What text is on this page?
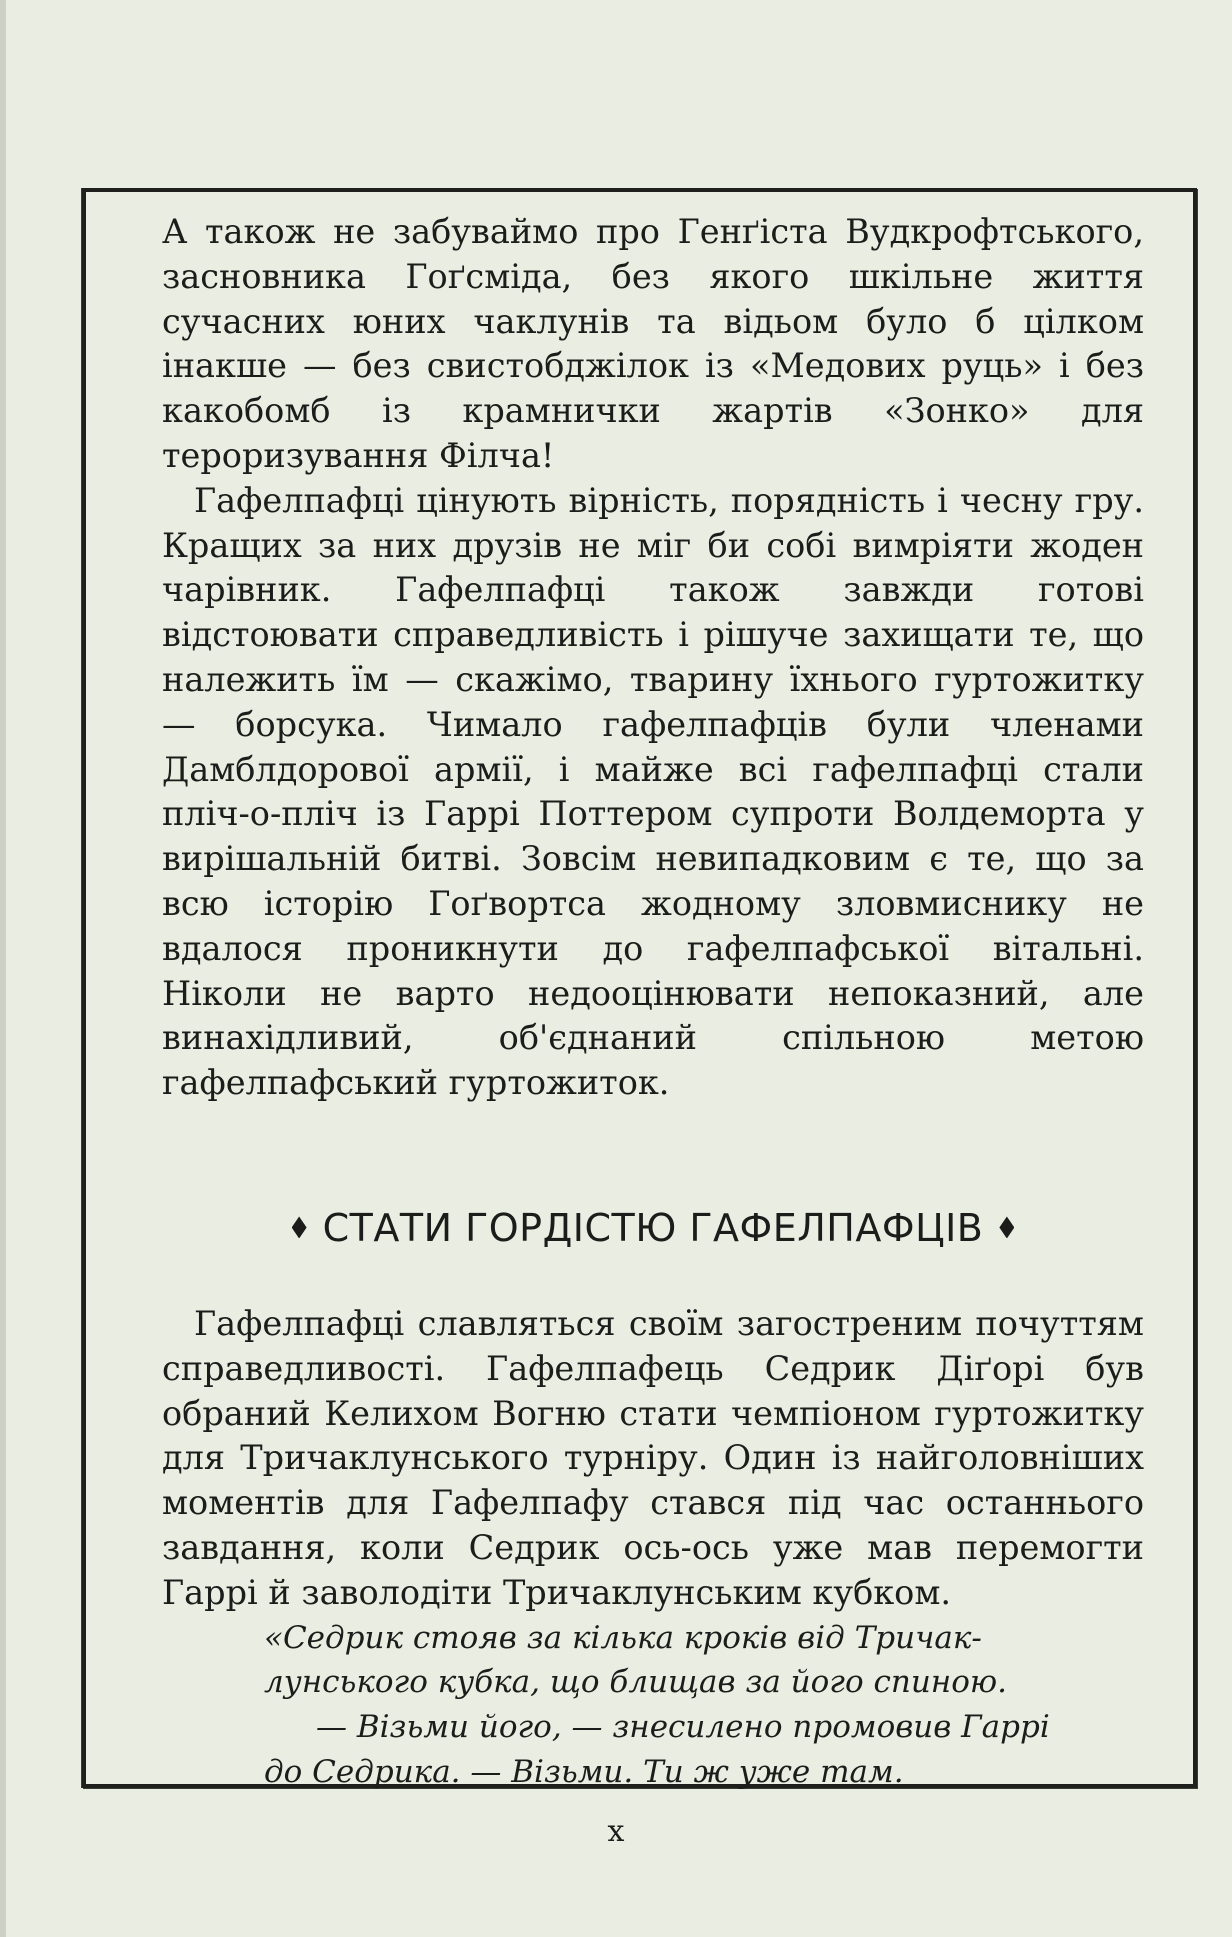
А також не забуваймо про Генґіста Вудкрофтського, засновника Гоґсміда, без якого шкільне життя сучасних юних чаклунів та відьом було б цілком інакше — без свистобджілок із «Медових руць» і без какобомб із крамнички жартів «Зонко» для тероризування Філча!

Гафелпафці цінують вірність, порядність і чесну гру. Кращих за них друзів не міг би собі вимріяти жоден чарівник. Гафелпафці також завжди готові відстоювати справедливість і рішуче захищати те, що належить їм — скажімо, тварину їхнього гуртожитку — борсука. Чимало гафелпафців були членами Дамблдорової армії, і майже всі гафелпафці стали пліч-о-пліч із Гаррі Поттером супроти Волдеморта у вирішальній битві. Зовсім невипадковим є те, що за всю історію Гоґвортса жодному зловмиснику не вдалося проникнути до гафелпафської вітальні. Ніколи не варто недооцінювати непоказний, але винахідливий, об'єднаний спільною метою гафелпафський гуртожиток.

СТАТИ ГОРДІСТЮ ГАФЕЛПАФЦІВ

Гафелпафці славляться своїм загостреним почуттям справедливості. Гафелпафець Седрик Діґорі був обраний Келихом Вогню стати чемпіоном гуртожитку для Тричаклунського турніру. Один із найголовніших моментів для Гафелпафу стався під час останнього завдання, коли Седрик ось-ось уже мав перемогти Гаррі й заволодіти Тричаклунським кубком.

«Седрик стояв за кілька кроків від Тричак-

лунського кубка, що блищав за його спиною.

— Візьми його, — знесилено промовив Гаррі

до Седрика. — Візьми. Ти ж уже там.

x
